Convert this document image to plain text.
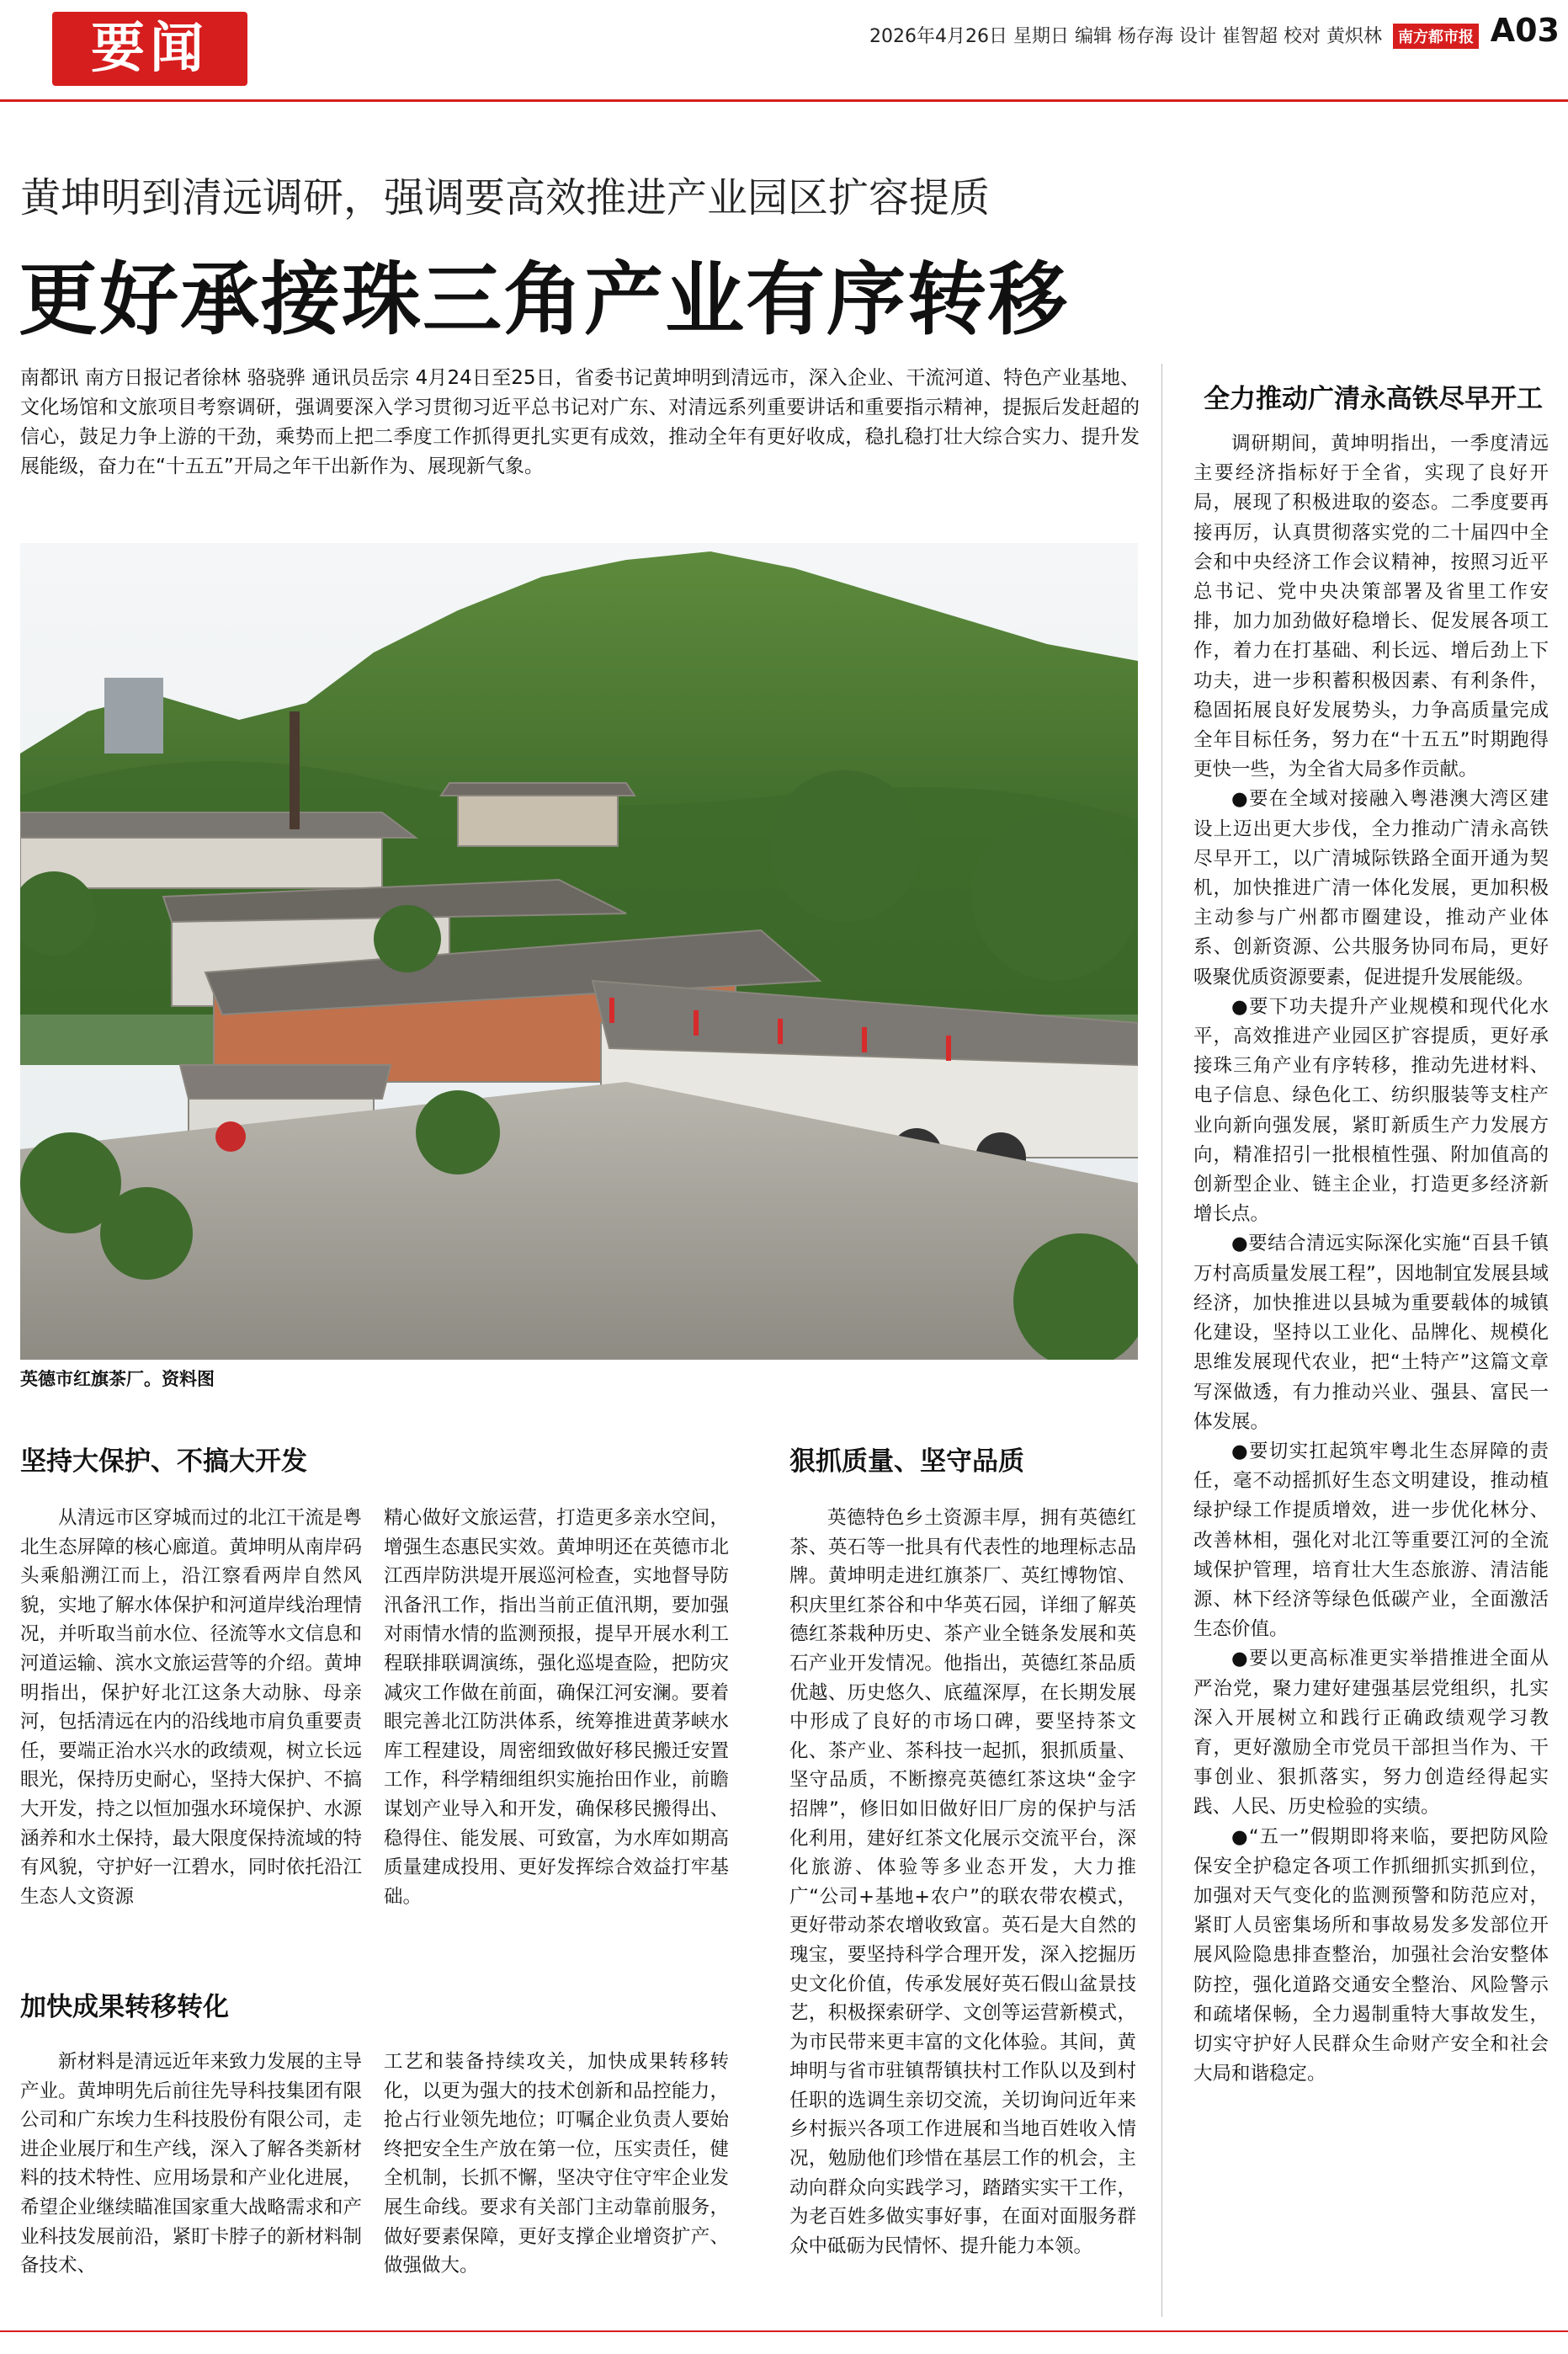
要闻	2026年4月26日 星期日 编辑 杨存海 设计 崔智超 校对 黄炽林 南方都市报 A03
黄坤明到清远调研，强调要高效推进产业园区扩容提质
更好承接珠三角产业有序转移
南都讯 南方日报记者徐林 骆骁骅 通讯员岳宗 4月24日至25日，省委书记黄坤明到清远市，深入企业、干流河道、特色产业基地、文化场馆和文旅项目考察调研，强调要深入学习贯彻习近平总书记对广东、对清远系列重要讲话和重要指示精神，提振后发赶超的信心，鼓足力争上游的干劲，乘势而上把二季度工作抓得更扎实更有成效，推动全年有更好收成，稳扎稳打壮大综合实力、提升发展能级，奋力在“十五五”开局之年干出新作为、展现新气象。
英德市红旗茶厂。资料图
坚持大保护、不搞大开发

从清远市区穿城而过的北江干流是粤北生态屏障的核心廊道。黄坤明从南岸码头乘船溯江而上，沿江察看两岸自然风貌，实地了解水体保护和河道岸线治理情况，并听取当前水位、径流等水文信息和河道运输、滨水文旅运营等的介绍。黄坤明指出，保护好北江这条大动脉、母亲河，包括清远在内的沿线地市肩负重要责任，要端正治水兴水的政绩观，树立长远眼光，保持历史耐心，坚持大保护、不搞大开发，持之以恒加强水环境保护、水源涵养和水土保持，最大限度保持流域的特有风貌，守护好一江碧水，同时依托沿江生态人文资源

精心做好文旅运营，打造更多亲水空间，增强生态惠民实效。黄坤明还在英德市北江西岸防洪堤开展巡河检查，实地督导防汛备汛工作，指出当前正值汛期，要加强对雨情水情的监测预报，提早开展水利工程联排联调演练，强化巡堤查险，把防灾减灾工作做在前面，确保江河安澜。要着眼完善北江防洪体系，统筹推进黄茅峡水库工程建设，周密细致做好移民搬迁安置工作，科学精细组织实施抬田作业，前瞻谋划产业导入和开发，确保移民搬得出、稳得住、能发展、可致富，为水库如期高质量建成投用、更好发挥综合效益打牢基础。

加快成果转移转化

新材料是清远近年来致力发展的主导产业。黄坤明先后前往先导科技集团有限公司和广东埃力生科技股份有限公司，走进企业展厅和生产线，深入了解各类新材料的技术特性、应用场景和产业化进展，希望企业继续瞄准国家重大战略需求和产业科技发展前沿，紧盯卡脖子的新材料制备技术、

工艺和装备持续攻关，加快成果转移转化，以更为强大的技术创新和品控能力，抢占行业领先地位；叮嘱企业负责人要始终把安全生产放在第一位，压实责任，健全机制，长抓不懈，坚决守住守牢企业发展生命线。要求有关部门主动靠前服务，做好要素保障，更好支撑企业增资扩产、做强做大。

狠抓质量、坚守品质

英德特色乡土资源丰厚，拥有英德红茶、英石等一批具有代表性的地理标志品牌。黄坤明走进红旗茶厂、英红博物馆、积庆里红茶谷和中华英石园，详细了解英德红茶栽种历史、茶产业全链条发展和英石产业开发情况。他指出，英德红茶品质优越、历史悠久、底蕴深厚，在长期发展中形成了良好的市场口碑，要坚持茶文化、茶产业、茶科技一起抓，狠抓质量、坚守品质，不断擦亮英德红茶这块“金字招牌”，修旧如旧做好旧厂房的保护与活化利用，建好红茶文化展示交流平台，深化旅游、体验等多业态开发，大力推广“公司+基地+农户”的联农带农模式，更好带动茶农增收致富。英石是大自然的瑰宝，要坚持科学合理开发，深入挖掘历史文化价值，传承发展好英石假山盆景技艺，积极探索研学、文创等运营新模式，为市民带来更丰富的文化体验。其间，黄坤明与省市驻镇帮镇扶村工作队以及到村任职的选调生亲切交流，关切询问近年来乡村振兴各项工作进展和当地百姓收入情况，勉励他们珍惜在基层工作的机会，主动向群众向实践学习，踏踏实实干工作，为老百姓多做实事好事，在面对面服务群众中砥砺为民情怀、提升能力本领。

全力推动广清永高铁尽早开工

调研期间，黄坤明指出，一季度清远主要经济指标好于全省，实现了良好开局，展现了积极进取的姿态。二季度要再接再厉，认真贯彻落实党的二十届四中全会和中央经济工作会议精神，按照习近平总书记、党中央决策部署及省里工作安排，加力加劲做好稳增长、促发展各项工作，着力在打基础、利长远、增后劲上下功夫，进一步积蓄积极因素、有利条件，稳固拓展良好发展势头，力争高质量完成全年目标任务，努力在“十五五”时期跑得更快一些，为全省大局多作贡献。

●要在全域对接融入粤港澳大湾区建设上迈出更大步伐，全力推动广清永高铁尽早开工，以广清城际铁路全面开通为契机，加快推进广清一体化发展，更加积极主动参与广州都市圈建设，推动产业体系、创新资源、公共服务协同布局，更好吸聚优质资源要素，促进提升发展能级。

●要下功夫提升产业规模和现代化水平，高效推进产业园区扩容提质，更好承接珠三角产业有序转移，推动先进材料、电子信息、绿色化工、纺织服装等支柱产业向新向强发展，紧盯新质生产力发展方向，精准招引一批根植性强、附加值高的创新型企业、链主企业，打造更多经济新增长点。

●要结合清远实际深化实施“百县千镇万村高质量发展工程”，因地制宜发展县域经济，加快推进以县城为重要载体的城镇化建设，坚持以工业化、品牌化、规模化思维发展现代农业，把“土特产”这篇文章写深做透，有力推动兴业、强县、富民一体发展。

●要切实扛起筑牢粤北生态屏障的责任，毫不动摇抓好生态文明建设，推动植绿护绿工作提质增效，进一步优化林分、改善林相，强化对北江等重要江河的全流域保护管理，培育壮大生态旅游、清洁能源、林下经济等绿色低碳产业，全面激活生态价值。

●要以更高标准更实举措推进全面从严治党，聚力建好建强基层党组织，扎实深入开展树立和践行正确政绩观学习教育，更好激励全市党员干部担当作为、干事创业、狠抓落实，努力创造经得起实践、人民、历史检验的实绩。

●“五一”假期即将来临，要把防风险保安全护稳定各项工作抓细抓实抓到位，加强对天气变化的监测预警和防范应对，紧盯人员密集场所和事故易发多发部位开展风险隐患排查整治，加强社会治安整体防控，强化道路交通安全整治、风险警示和疏堵保畅，全力遏制重特大事故发生，切实守护好人民群众生命财产安全和社会大局和谐稳定。
